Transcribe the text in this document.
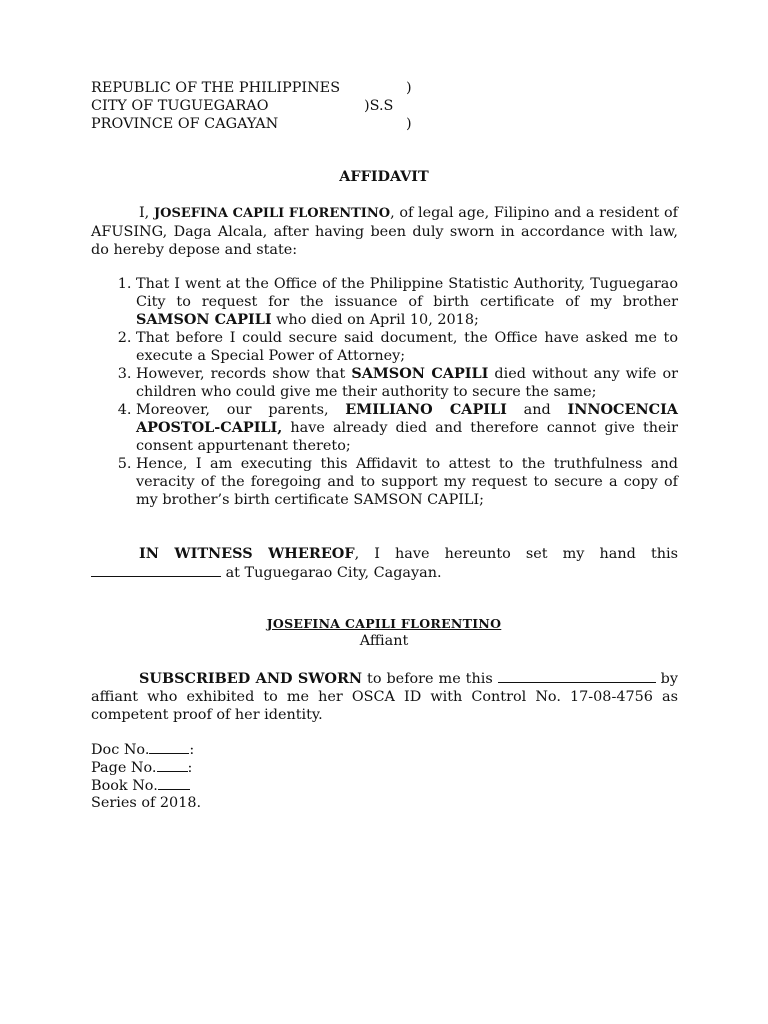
REPUBLIC OF THE PHILIPPINES	)
CITY OF TUGUEGARAO	)S.S
PROVINCE OF CAGAYAN	)
AFFIDAVIT
I, JOSEFINA CAPILI FLORENTINO, of legal age, Filipino and a resident of AFUSING, Daga Alcala, after having been duly sworn in accordance with law, do hereby depose and state:
1. That I went at the Office of the Philippine Statistic Authority, Tuguegarao City to request for the issuance of birth certificate of my brother SAMSON CAPILI who died on April 10, 2018;
2. That before I could secure said document, the Office have asked me to execute a Special Power of Attorney;
3. However, records show that SAMSON CAPILI died without any wife or children who could give me their authority to secure the same;
4. Moreover, our parents, EMILIANO CAPILI and INNOCENCIA APOSTOL-CAPILI, have already died and therefore cannot give their consent appurtenant thereto;
5. Hence, I am executing this Affidavit to attest to the truthfulness and veracity of the foregoing and to support my request to secure a copy of my brother’s birth certificate SAMSON CAPILI;
IN WITNESS WHEREOF, I have hereunto set my hand this  at Tuguegarao City, Cagayan.
JOSEFINA CAPILI FLORENTINO
Affiant
SUBSCRIBED AND SWORN to before me this	by affiant who exhibited to me her OSCA ID with Control No. 17-08-4756 as competent proof of her identity.
Doc No.	:
Page No. :
Book No.
Series of 2018.
